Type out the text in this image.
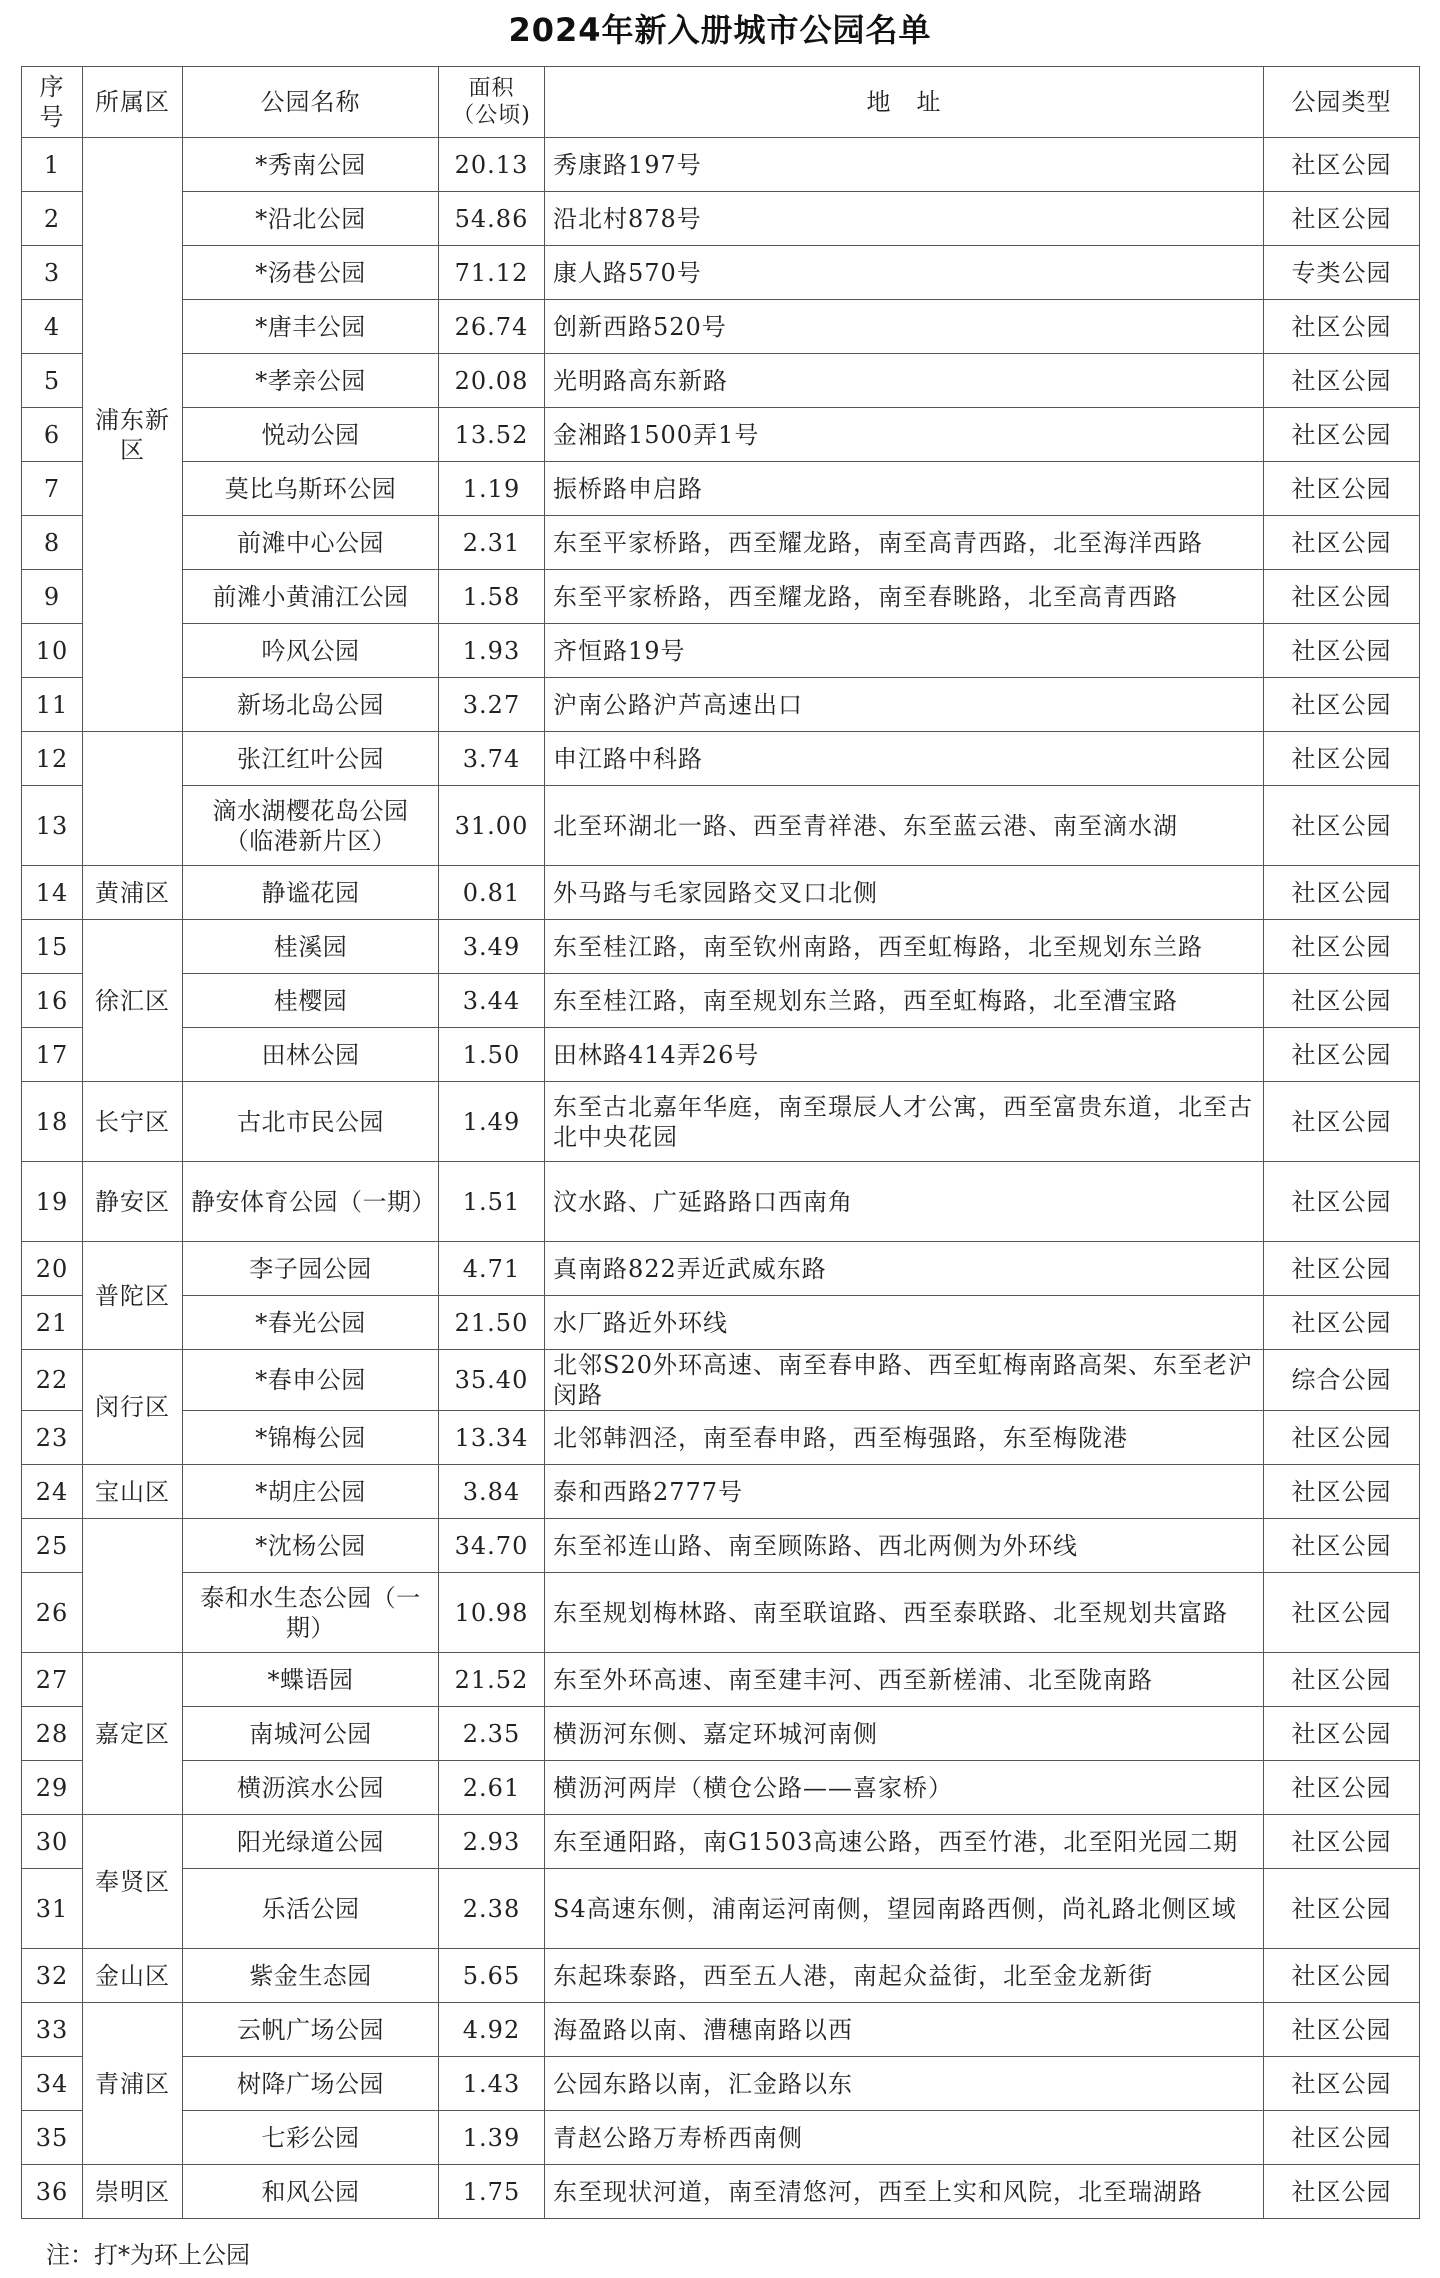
2024年新入册城市公园名单
序号	所属区	公园名称	面积（公顷)	地　址	公园类型
1	浦东新区	*秀南公园	20.13	秀康路197号	社区公园
2		*沿北公园	54.86	沿北村878号	社区公园
3		*汤巷公园	71.12	康人路570号	专类公园
4		*唐丰公园	26.74	创新西路520号	社区公园
5		*孝亲公园	20.08	光明路高东新路	社区公园
6		悦动公园	13.52	金湘路1500弄1号	社区公园
7		莫比乌斯环公园	1.19	振桥路申启路	社区公园
8		前滩中心公园	2.31	东至平家桥路，西至耀龙路，南至高青西路，北至海洋西路	社区公园
9		前滩小黄浦江公园	1.58	东至平家桥路，西至耀龙路，南至春眺路，北至高青西路	社区公园
10		吟风公园	1.93	齐恒路19号	社区公园
11		新场北岛公园	3.27	沪南公路沪芦高速出口	社区公园
12		张江红叶公园	3.74	申江路中科路	社区公园
13		滴水湖樱花岛公园（临港新片区）	31.00	北至环湖北一路、西至青祥港、东至蓝云港、南至滴水湖	社区公园
14	黄浦区	静谧花园	0.81	外马路与毛家园路交叉口北侧	社区公园
15	徐汇区	桂溪园	3.49	东至桂江路，南至钦州南路，西至虹梅路，北至规划东兰路	社区公园
16		桂樱园	3.44	东至桂江路，南至规划东兰路，西至虹梅路，北至漕宝路	社区公园
17		田林公园	1.50	田林路414弄26号	社区公园
18	长宁区	古北市民公园	1.49	东至古北嘉年华庭，南至璟辰人才公寓，西至富贵东道，北至古北中央花园	社区公园
19	静安区	静安体育公园（一期）	1.51	汶水路、广延路路口西南角	社区公园
20	普陀区	李子园公园	4.71	真南路822弄近武威东路	社区公园
21		*春光公园	21.50	水厂路近外环线	社区公园
22	闵行区	*春申公园	35.40	北邻S20外环高速、南至春申路、西至虹梅南路高架、东至老沪闵路	综合公园
23		*锦梅公园	13.34	北邻韩泗泾，南至春申路，西至梅强路，东至梅陇港	社区公园
24	宝山区	*胡庄公园	3.84	泰和西路2777号	社区公园
25		*沈杨公园	34.70	东至祁连山路、南至顾陈路、西北两侧为外环线	社区公园
26		泰和水生态公园（一期）	10.98	东至规划梅林路、南至联谊路、西至泰联路、北至规划共富路	社区公园
27	嘉定区	*蝶语园	21.52	东至外环高速、南至建丰河、西至新槎浦、北至陇南路	社区公园
28		南城河公园	2.35	横沥河东侧、嘉定环城河南侧	社区公园
29		横沥滨水公园	2.61	横沥河两岸（横仓公路——喜家桥）	社区公园
30	奉贤区	阳光绿道公园	2.93	东至通阳路，南G1503高速公路，西至竹港，北至阳光园二期	社区公园
31		乐活公园	2.38	S4高速东侧，浦南运河南侧，望园南路西侧，尚礼路北侧区域	社区公园
32	金山区	紫金生态园	5.65	东起珠泰路，西至五人港，南起众益街，北至金龙新街	社区公园
33	青浦区	云帆广场公园	4.92	海盈路以南、漕穗南路以西	社区公园
34		树降广场公园	1.43	公园东路以南，汇金路以东	社区公园
35		七彩公园	1.39	青赵公路万寿桥西南侧	社区公园
36	崇明区	和风公园	1.75	东至现状河道，南至清悠河，西至上实和风院，北至瑞湖路	社区公园
注：打*为环上公园
